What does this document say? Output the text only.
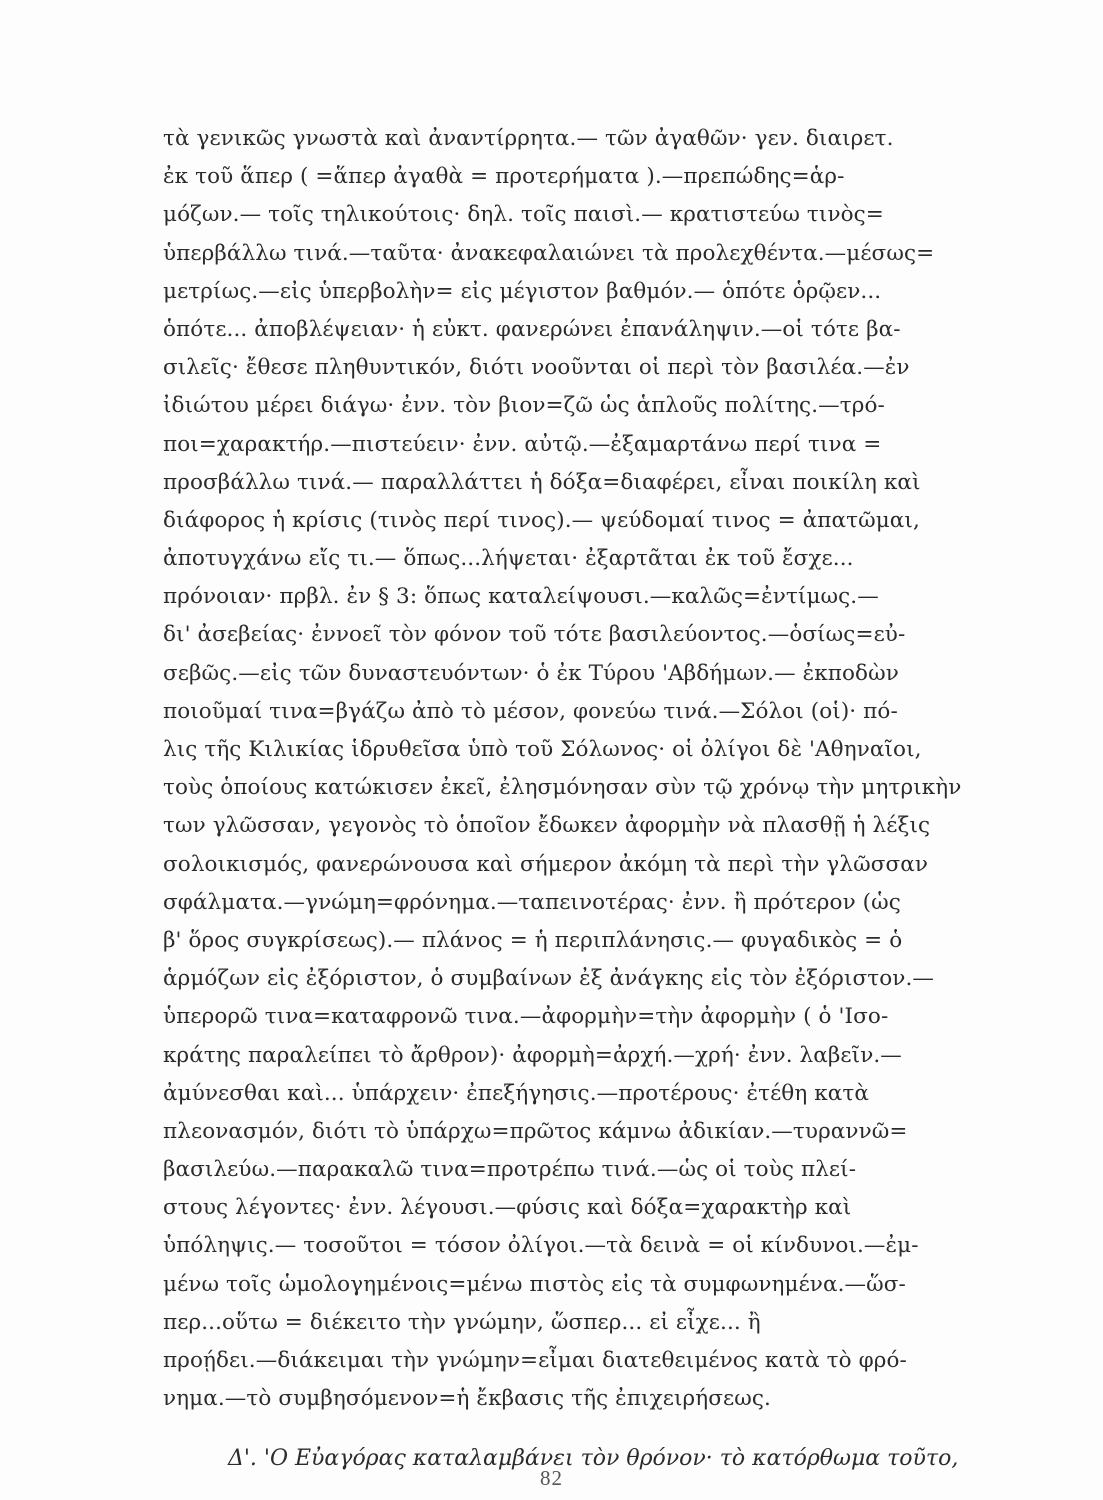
τὰ γενικῶς γνωστὰ καὶ ἀναντίρρητα.— τῶν ἀγαθῶν· γεν. διαιρετ.
ἐκ τοῦ ἅπερ ( =ἅπερ ἀγαθὰ = προτερήματα ).—πρεπώδης=ἁρ-
μόζων.— τοῖς τηλικούτοις· δηλ. τοῖς παισὶ.— κρατιστεύω τινὸς=
ὑπερβάλλω τινά.—ταῦτα· ἀνακεφαλαιώνει τὰ προλεχθέντα.—μέσως=
μετρίως.—εἰς ὑπερβολὴν= εἰς μέγιστον βαθμόν.— ὁπότε ὁρῷεν...
ὁπότε... ἀποβλέψειαν· ἡ εὐκτ. φανερώνει ἐπανάληψιν.—οἱ τότε βα-
σιλεῖς· ἔθεσε πληθυντικόν, διότι νοοῦνται οἱ περὶ τὸν βασιλέα.—ἐν
ἰδιώτου μέρει διάγω· ἐνν. τὸν βιον=ζῶ ὡς ἁπλοῦς πολίτης.—τρό-
ποι=χαρακτήρ.—πιστεύειν· ἐνν. αὐτῷ.—ἐξαμαρτάνω περί τινα =
προσβάλλω τινά.— παραλλάττει ἡ δόξα=διαφέρει, εἶναι ποικίλη καὶ
διάφορος ἡ κρίσις (τινὸς περί τινος).— ψεύδομαί τινος = ἀπατῶμαι,
ἀποτυγχάνω εἴς τι.— ὅπως...λήψεται· ἐξαρτᾶται ἐκ τοῦ ἔσχε...
πρόνοιαν· πρβλ. ἐν § 3: ὅπως καταλείψουσι.—καλῶς=ἐντίμως.—
δι' ἀσεβείας· ἐννοεῖ τὸν φόνον τοῦ τότε βασιλεύοντος.—ὁσίως=εὐ-
σεβῶς.—εἰς τῶν δυναστευόντων· ὁ ἐκ Τύρου 'Αβδήμων.— ἐκποδὼν
ποιοῦμαί τινα=βγάζω ἀπὸ τὸ μέσον, φονεύω τινά.—Σόλοι (οἱ)· πό-
λις τῆς Κιλικίας ἱδρυθεῖσα ὑπὸ τοῦ Σόλωνος· οἱ ὀλίγοι δὲ 'Αθηναῖοι,
τοὺς ὁποίους κατώκισεν ἐκεῖ, ἐλησμόνησαν σὺν τῷ χρόνῳ τὴν μητρικὴν
των γλῶσσαν, γεγονὸς τὸ ὁποῖον ἔδωκεν ἀφορμὴν νὰ πλασθῇ ἡ λέξις
σολοικισμός, φανερώνουσα καὶ σήμερον ἀκόμη τὰ περὶ τὴν γλῶσσαν
σφάλματα.—γνώμη=φρόνημα.—ταπεινοτέρας· ἐνν. ἢ πρότερον (ὡς
β' ὅρος συγκρίσεως).— πλάνος = ἡ περιπλάνησις.— φυγαδικὸς = ὁ
ἁρμόζων εἰς ἐξόριστον, ὁ συμβαίνων ἐξ ἀνάγκης εἰς τὸν ἐξόριστον.—
ὑπερορῶ τινα=καταφρονῶ τινα.—ἀφορμὴν=τὴν ἀφορμὴν ( ὁ 'Ισο-
κράτης παραλείπει τὸ ἄρθρον)· ἀφορμὴ=ἀρχή.—χρή· ἐνν. λαβεῖν.—
ἀμύνεσθαι καὶ... ὑπάρχειν· ἐπεξήγησις.—προτέρους· ἐτέθη κατὰ
πλεονασμόν, διότι τὸ ὑπάρχω=πρῶτος κάμνω ἀδικίαν.—τυραννῶ=
βασιλεύω.—παρακαλῶ τινα=προτρέπω τινά.—ὡς οἱ τοὺς πλεί-
στους λέγοντες· ἐνν. λέγουσι.—φύσις καὶ δόξα=χαρακτὴρ καὶ
ὑπόληψις.— τοσοῦτοι = τόσον ὀλίγοι.—τὰ δεινὰ = οἱ κίνδυνοι.—ἐμ-
μένω τοῖς ὡμολογημένοις=μένω πιστὸς εἰς τὰ συμφωνημένα.—ὥσ-
περ...οὕτω = διέκειτο τὴν γνώμην, ὥσπερ... εἰ εἶχε... ἢ
προῄδει.—διάκειμαι τὴν γνώμην=εἶμαι διατεθειμένος κατὰ τὸ φρό-
νημα.—τὸ συμβησόμενον=ἡ ἔκβασις τῆς ἐπιχειρήσεως.
Δ'. 'Ο Εὐαγόρας καταλαμβάνει τὸν θρόνον· τὸ κατόρθωμα τοῦτο,
82
